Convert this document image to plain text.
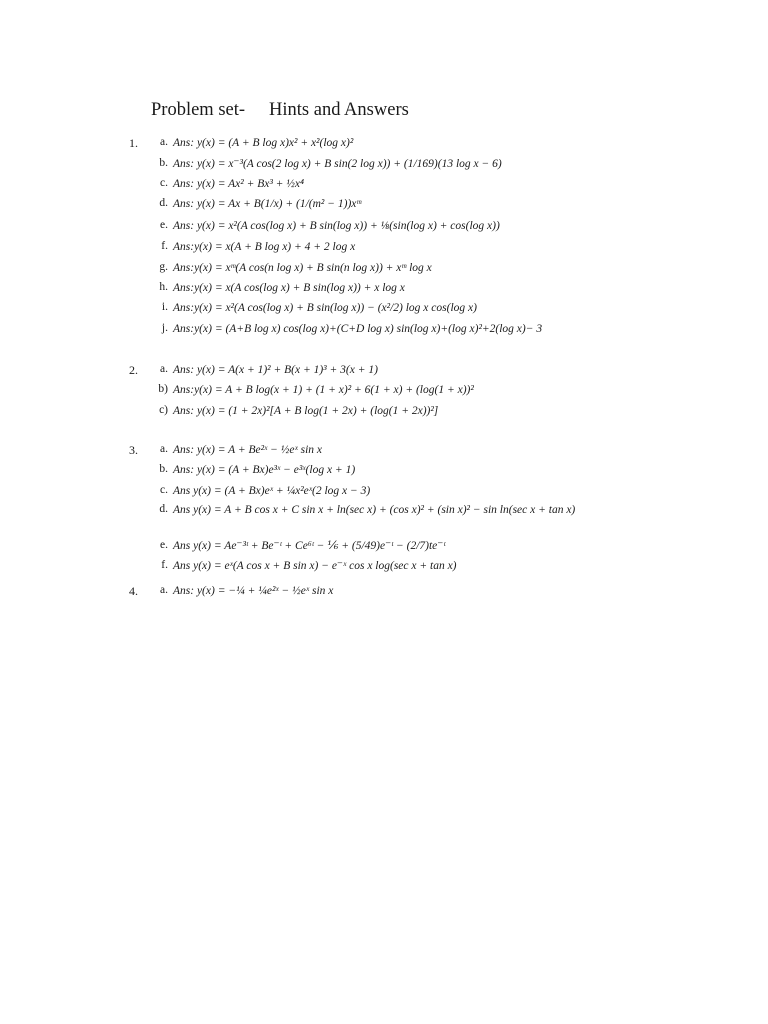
Problem set- Hints and Answers
1.	a. Ans: y(x) = (A + B log x)x² + x²(log x)²
b. Ans: y(x) = x⁻³(A cos(2 log x) + B sin(2 log x)) + (1/169)(13 log x − 6)
c. Ans: y(x) = Ax² + Bx³ + ½x⁴
d. Ans: y(x) = Ax + B(1/x) + (1/(m² − 1))xᵐ
e. Ans: y(x) = x²(A cos(log x) + B sin(log x)) + ⅛(sin(log x) + cos(log x))
f. Ans:y(x) = x(A + B log x) + 4 + 2 log x
g. Ans:y(x) = xᵐ(A cos(n log x) + B sin(n log x)) + xᵐ log x
h. Ans:y(x) = x(A cos(log x) + B sin(log x)) + x log x
i. Ans:y(x) = x²(A cos(log x) + B sin(log x)) − (x²/2) log x cos(log x)
j. Ans:y(x) = (A+B log x) cos(log x)+(C+D log x) sin(log x)+(log x)²+2(log x)− 3
2.	a. Ans: y(x) = A(x + 1)² + B(x + 1)³ + 3(x + 1)
b) Ans:y(x) = A + B log(x + 1) + (1 + x)² + 6(1 + x) + (log(1 + x))²
c) Ans: y(x) = (1 + 2x)²[A + B log(1 + 2x) + (log(1 + 2x))²]
3.	a. Ans: y(x) = A + Be²ˣ − ½eˣ sin x
b. Ans: y(x) = (A + Bx)e³ˣ − e³ˣ(log x + 1)
c. Ans y(x) = (A + Bx)eˣ + ¼x²eˣ(2 log x − 3)
d. Ans y(x) = A + B cos x + C sin x + ln(sec x) + (cos x)² + (sin x)² − sin ln(sec x + tan x)
e. Ans y(x) = Ae⁻³ᵗ + Be⁻ᵗ + Ce⁶ᵗ − ⅙ + (5/49)e⁻ᵗ − (2/7)te⁻ᵗ
f. Ans y(x) = eˣ(A cos x + B sin x) − e⁻ˣ cos x log(sec x + tan x)
4.	a. Ans: y(x) = −¼ + ¼e²ˣ − ½eˣ sin x
